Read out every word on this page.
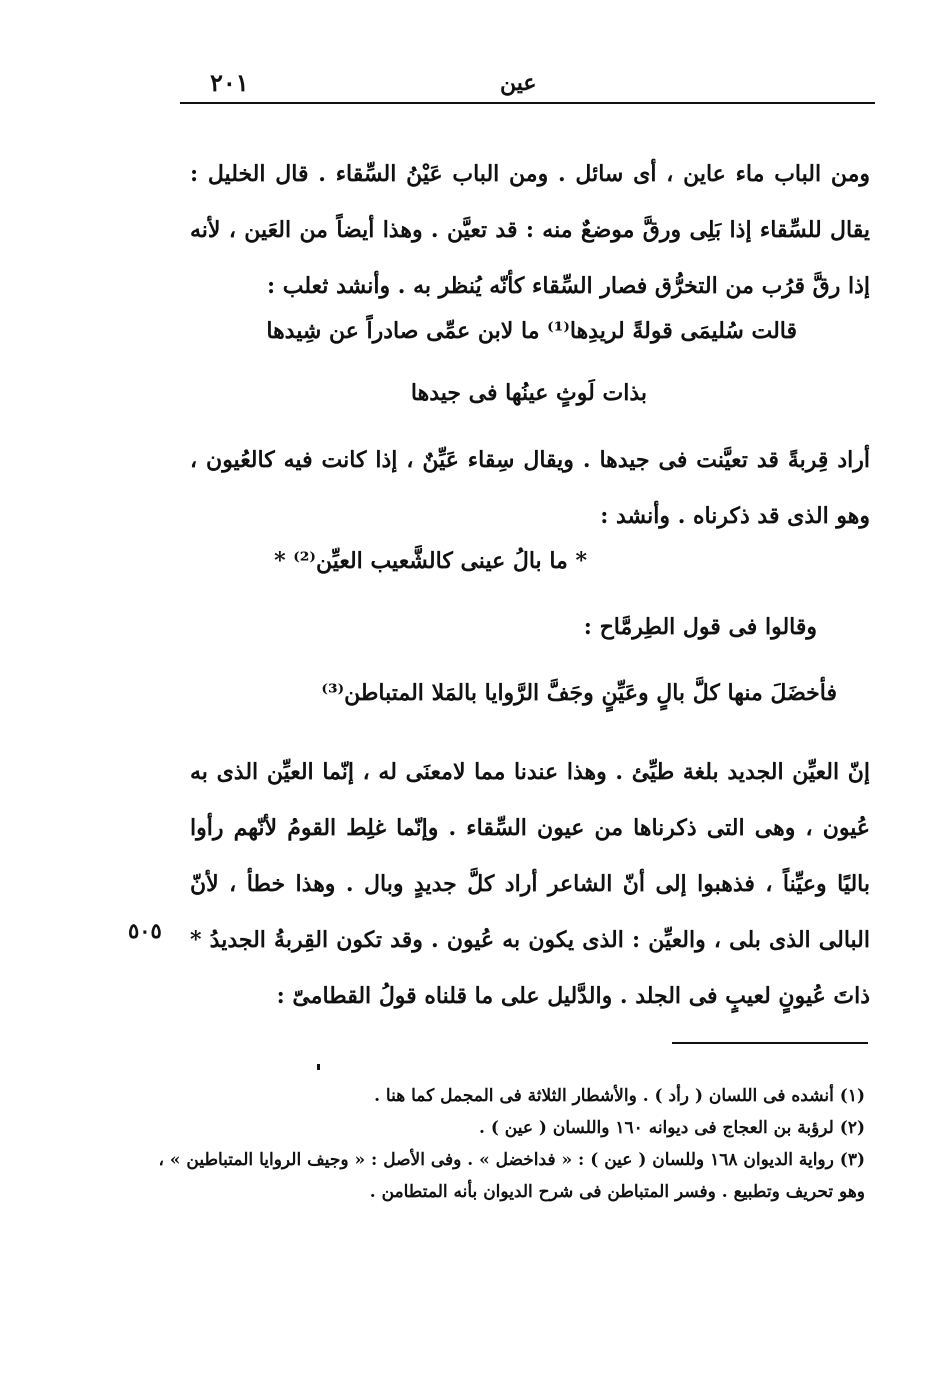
٢٠١	عين
ومن الباب ماء عاين ، أى سائل . ومن الباب عَيْنُ السِّقاء . قال الخليل : يقال للسِّقاء إذا بَلِى ورقَّ موضعٌ منه : قد تعيَّن . وهذا أيضاً من العَين ، لأنه إذا رقَّ قرُب من التخرُّق فصار السِّقاء كأنّه يُنظر به . وأنشد ثعلب :
قالت سُليمَى قولةً لريدِها⁽¹⁾ ما لابن عمِّى صادراً عن شِيدها
بذات لَوثٍ عينُها فى جيدها
أراد قِربةً قد تعيَّنت فى جيدها . ويقال سِقاء عَيِّنٌ ، إذا كانت فيه كالعُيون ، وهو الذى قد ذكرناه . وأنشد :
* ما بالُ عينى كالشَّعيب العيِّن⁽²⁾ *
وقالوا فى قول الطِرمَّاح :
فأخضَلَ منها كلَّ بالٍ وعَيِّنٍ وجَفَّ الرَّوايا بالمَلا المتباطن⁽³⁾
إنّ العيِّن الجديد بلغة طيِّئ . وهذا عندنا مما لامعنَى له ، إنّما العيِّن الذى به عُيون ، وهى التى ذكرناها من عيون السِّقاء . وإنّما غلِط القومُ لأنّهم رأوا باليًا وعيِّناً ، فذهبوا إلى أنّ الشاعر أراد كلَّ جديدٍ وبال . وهذا خطأ ، لأنّ البالى الذى بلى ، والعيِّن : الذى يكون به عُيون . وقد تكون القِربةُ الجديدُ * ذاتَ عُيونٍ لعيبٍ فى الجلد . والدَّليل على ما قلناه قولُ القطامىّ :
٥٠٥
(١) أنشده فى اللسان ( رأد ) . والأشطار الثلاثة فى المجمل كما هنا .
(٢) لرؤبة بن العجاج فى ديوانه ١٦٠ واللسان ( عين ) .
(٣) رواية الديوان ١٦٨ وللسان ( عين ) : « فداخضل » . وفى الأصل : « وجيف الروايا المتباطين » ، وهو تحريف وتطبيع . وفسر المتباطن فى شرح الديوان بأنه المتطامن .
